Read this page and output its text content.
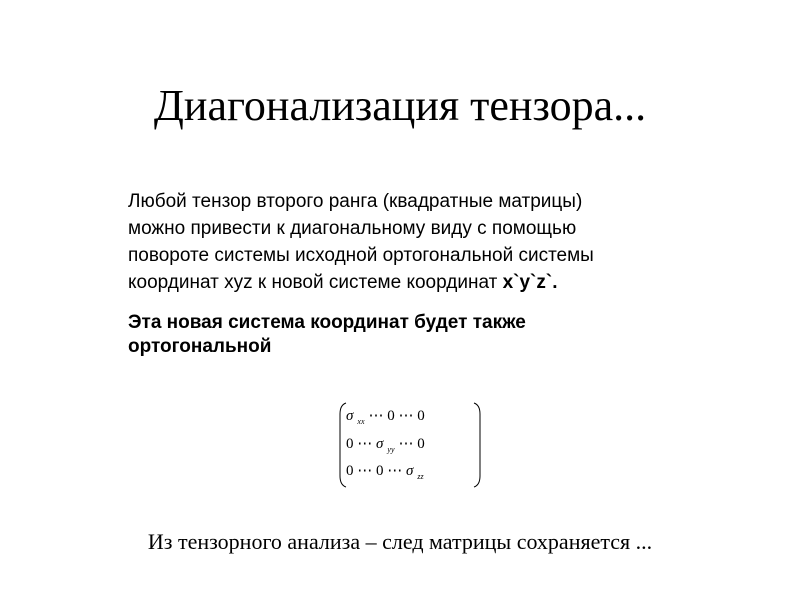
Диагонализация тензора...
Любой тензор второго ранга (квадратные матрицы)
можно привести к диагональному виду с помощью
повороте системы исходной ортогональной системы
координат xyz к новой системе координат x`y`z`.
Эта новая система координат будет также
ортогональной
σ $_{xx}$ ⋯ 0 ⋯ 0
0 ⋯ σ $_{yy}$ ⋯ 0
0 ⋯ 0 ⋯ σ $_{zz}$
Из тензорного анализа – след матрицы сохраняется ...
